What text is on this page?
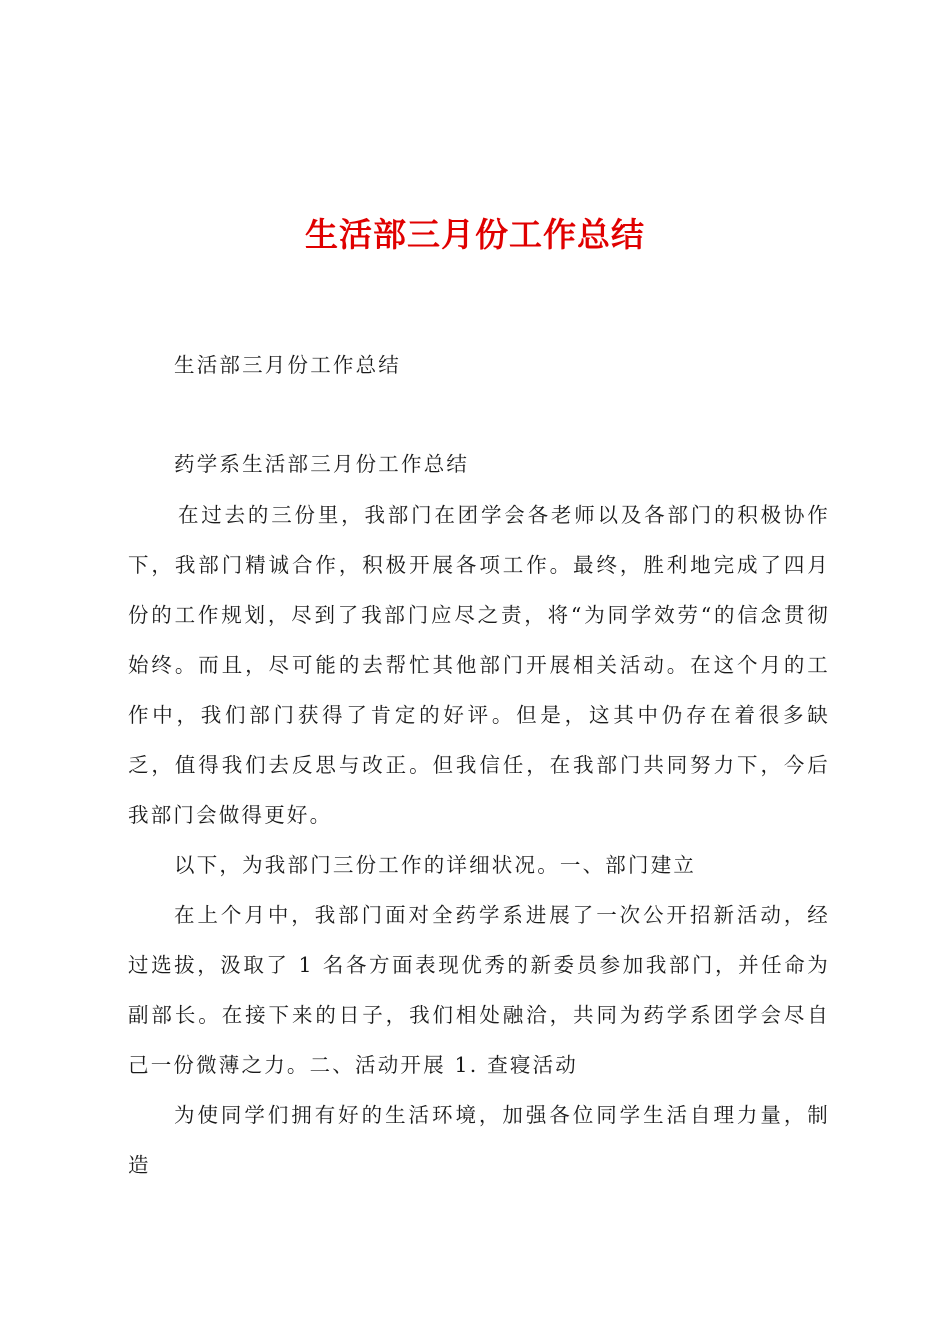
生活部三月份工作总结
生活部三月份工作总结
药学系生活部三月份工作总结

在过去的三份里，我部门在团学会各老师以及各部门的积极协作下，我部门精诚合作，积极开展各项工作。最终，胜利地完成了四月份的工作规划，尽到了我部门应尽之责，将“为同学效劳“的信念贯彻始终。而且，尽可能的去帮忙其他部门开展相关活动。在这个月的工作中，我们部门获得了肯定的好评。但是，这其中仍存在着很多缺乏，值得我们去反思与改正。但我信任，在我部门共同努力下，今后我部门会做得更好。

以下，为我部门三份工作的详细状况。一、部门建立

在上个月中，我部门面对全药学系进展了一次公开招新活动，经过选拔，汲取了 1 名各方面表现优秀的新委员参加我部门，并任命为副部长。在接下来的日子，我们相处融洽，共同为药学系团学会尽自己一份微薄之力。二、活动开展 1. 查寝活动

为使同学们拥有好的生活环境，加强各位同学生活自理力量，制造
